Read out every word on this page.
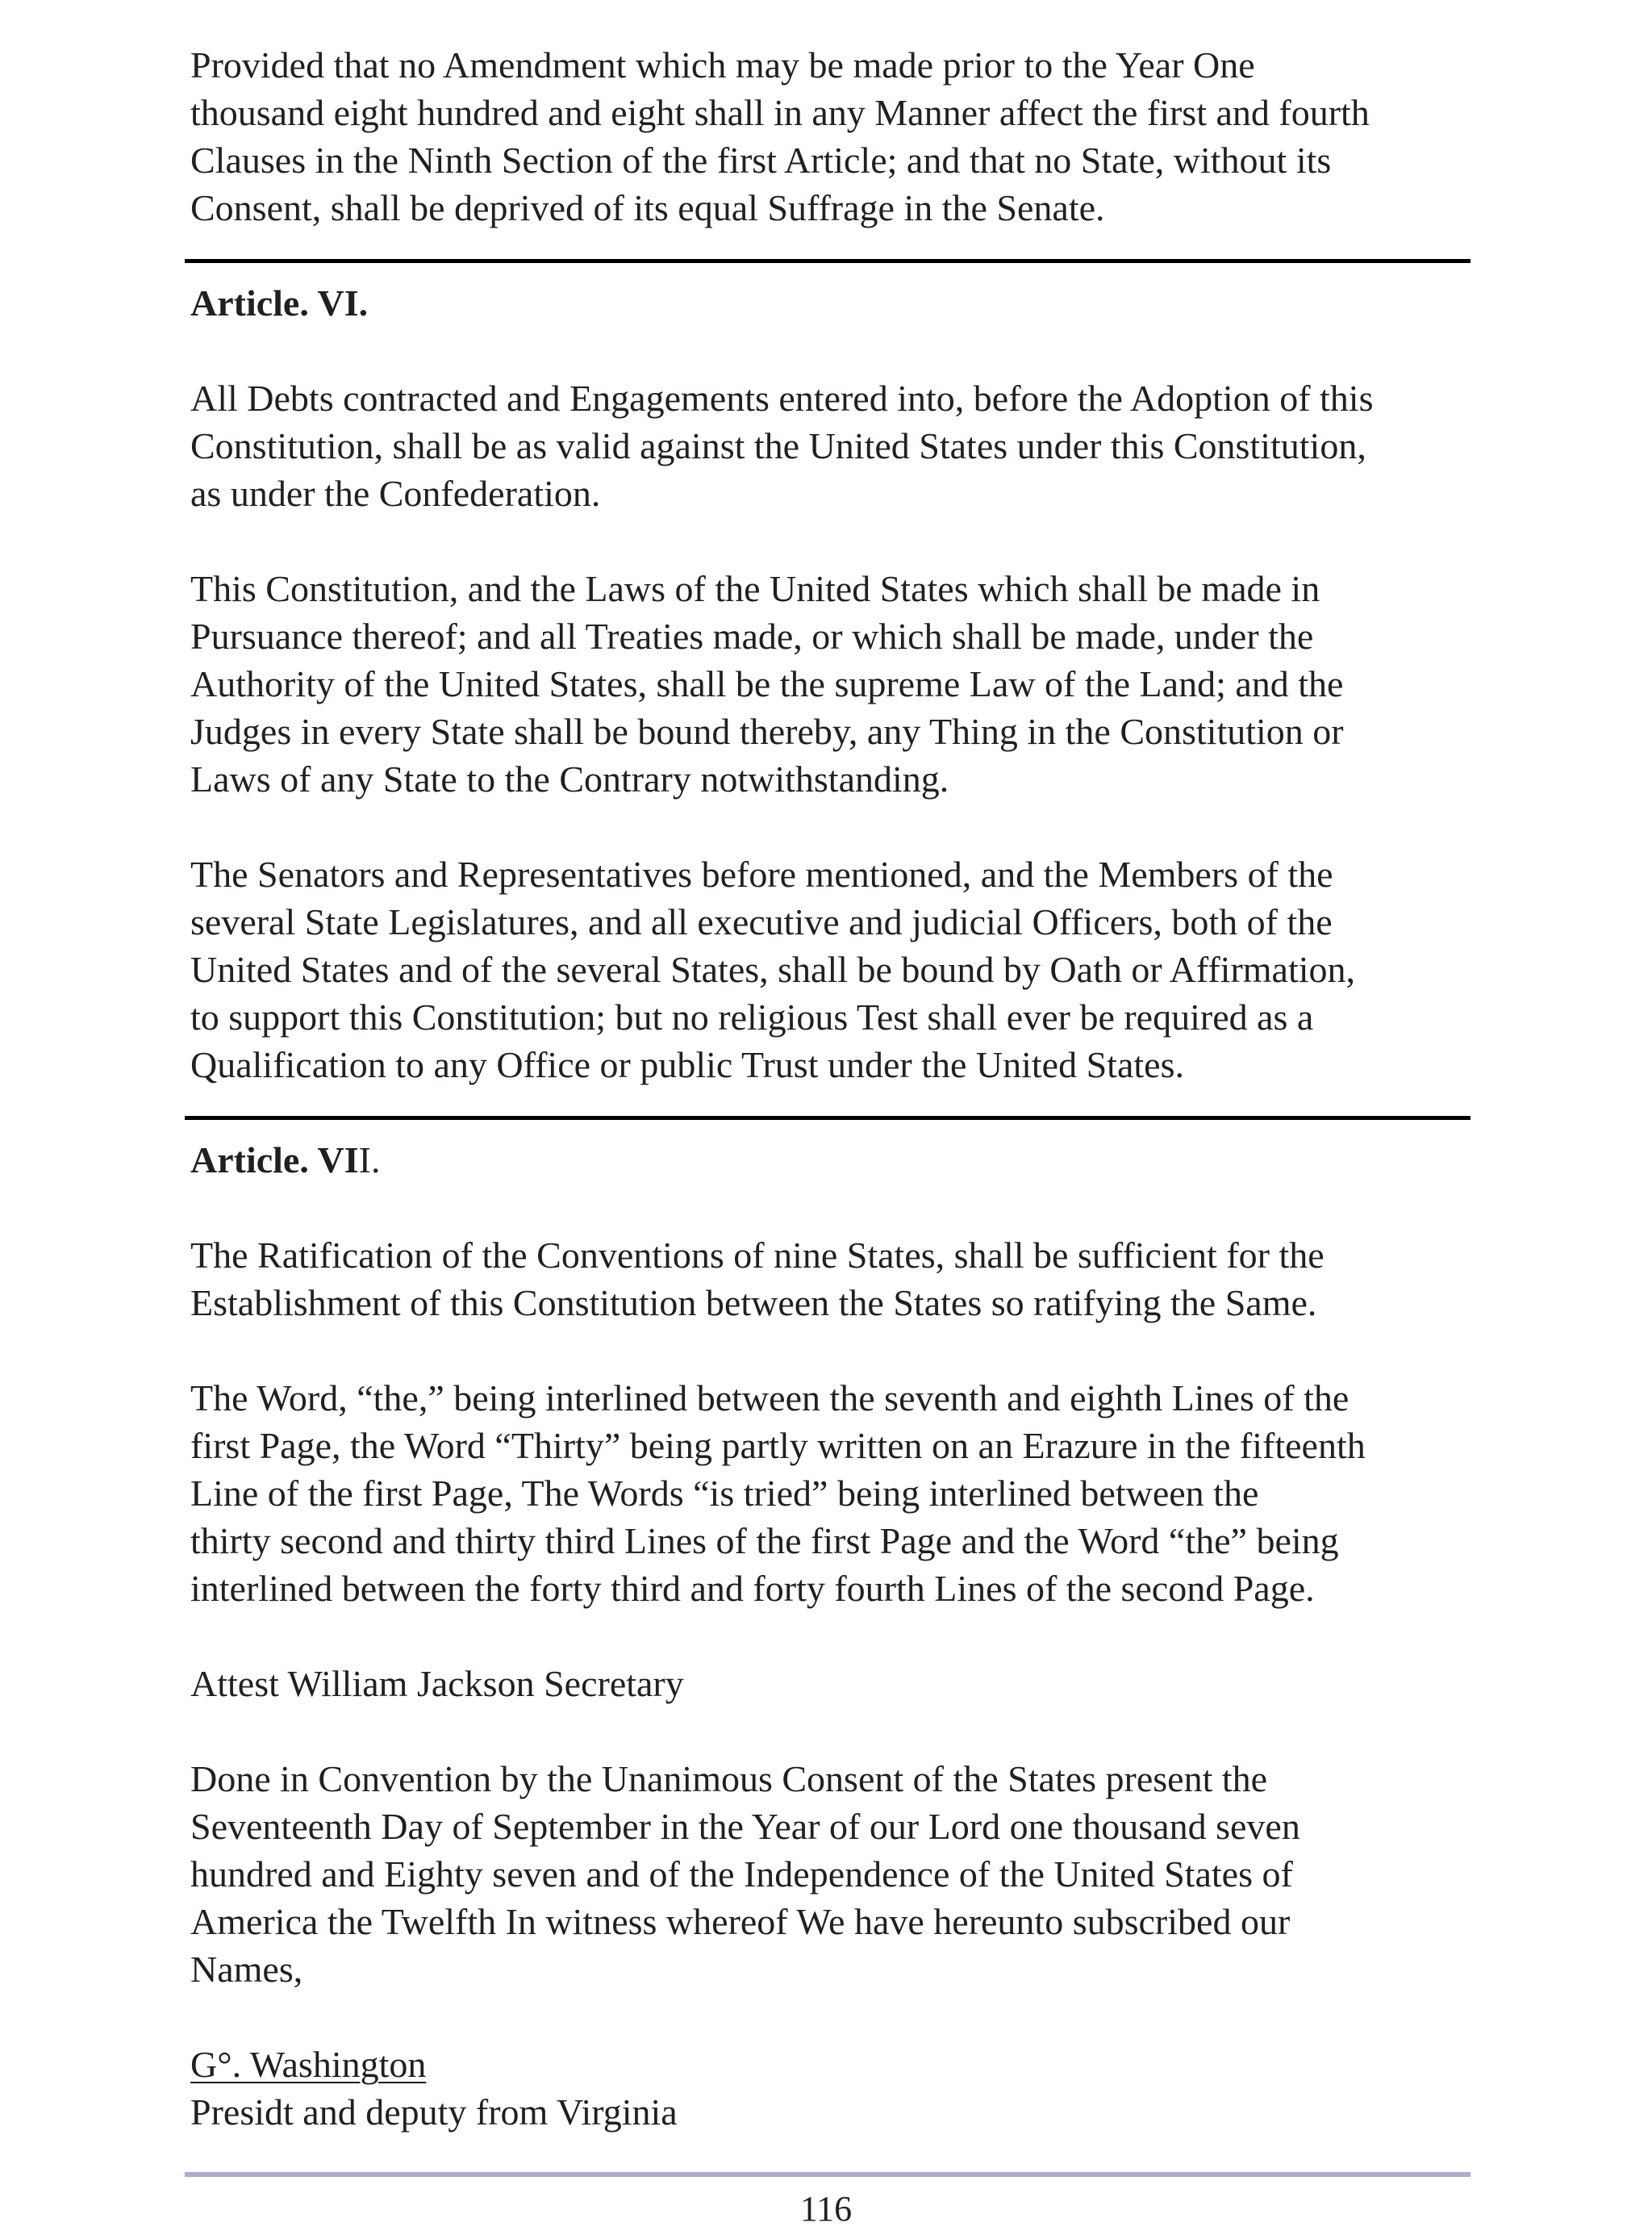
Provided that no Amendment which may be made prior to the Year One
thousand eight hundred and eight shall in any Manner affect the first and fourth
Clauses in the Ninth Section of the first Article; and that no State, without its
Consent, shall be deprived of its equal Suffrage in the Senate.

Article. VI.

All Debts contracted and Engagements entered into, before the Adoption of this
Constitution, shall be as valid against the United States under this Constitution,
as under the Confederation.

This Constitution, and the Laws of the United States which shall be made in
Pursuance thereof; and all Treaties made, or which shall be made, under the
Authority of the United States, shall be the supreme Law of the Land; and the
Judges in every State shall be bound thereby, any Thing in the Constitution or
Laws of any State to the Contrary notwithstanding.

The Senators and Representatives before mentioned, and the Members of the
several State Legislatures, and all executive and judicial Officers, both of the
United States and of the several States, shall be bound by Oath or Affirmation,
to support this Constitution; but no religious Test shall ever be required as a
Qualification to any Office or public Trust under the United States.

Article. VII.

The Ratification of the Conventions of nine States, shall be sufficient for the
Establishment of this Constitution between the States so ratifying the Same.

The Word, “the,” being interlined between the seventh and eighth Lines of the
first Page, the Word “Thirty” being partly written on an Erazure in the fifteenth
Line of the first Page, The Words “is tried” being interlined between the
thirty second and thirty third Lines of the first Page and the Word “the” being
interlined between the forty third and forty fourth Lines of the second Page.

Attest William Jackson Secretary

Done in Convention by the Unanimous Consent of the States present the
Seventeenth Day of September in the Year of our Lord one thousand seven
hundred and Eighty seven and of the Independence of the United States of
America the Twelfth In witness whereof We have hereunto subscribed our
Names,

G°. Washington
Presidt and deputy from Virginia

116
